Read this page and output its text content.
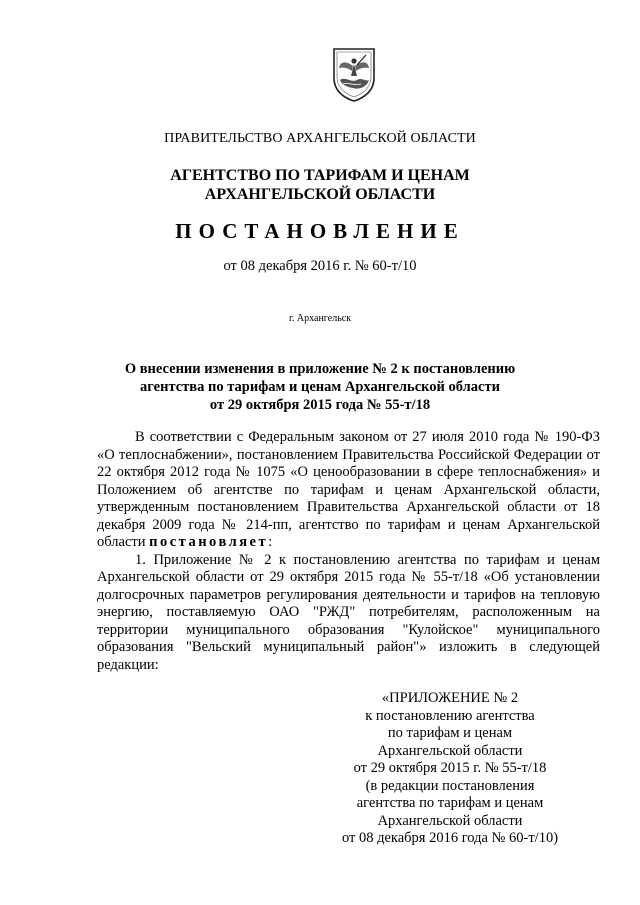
ПРАВИТЕЛЬСТВО АРХАНГЕЛЬСКОЙ ОБЛАСТИ
АГЕНТСТВО ПО ТАРИФАМ И ЦЕНАМ
АРХАНГЕЛЬСКОЙ ОБЛАСТИ
ПОСТАНОВЛЕНИЕ
от 08 декабря 2016 г. № 60-т/10
г. Архангельск
О внесении изменения в приложение № 2 к постановлению
агентства по тарифам и ценам Архангельской области
от 29 октября 2015 года № 55-т/18

В соответствии с Федеральным законом от 27 июля 2010 года № 190-ФЗ «О теплоснабжении», постановлением Правительства Российской Федерации от 22 октября 2012 года № 1075 «О ценообразовании в сфере теплоснабжения» и Положением об агентстве по тарифам и ценам Архангельской области, утвержденным постановлением Правительства Архангельской области от 18 декабря 2009 года № 214-пп, агентство по тарифам и ценам Архангельской области постановляет:

1. Приложение № 2 к постановлению агентства по тарифам и ценам Архангельской области от 29 октября 2015 года № 55-т/18 «Об установлении долгосрочных параметров регулирования деятельности и тарифов на тепловую энергию, поставляемую ОАО "РЖД" потребителям, расположенным на территории муниципального образования "Кулойское" муниципального образования "Вельский муниципальный район"» изложить в следующей редакции:

«ПРИЛОЖЕНИЕ № 2
к постановлению агентства
по тарифам и ценам
Архангельской области
от 29 октября 2015 г. № 55-т/18
(в редакции постановления
агентства по тарифам и ценам
Архангельской области
от 08 декабря 2016 года № 60-т/10)
